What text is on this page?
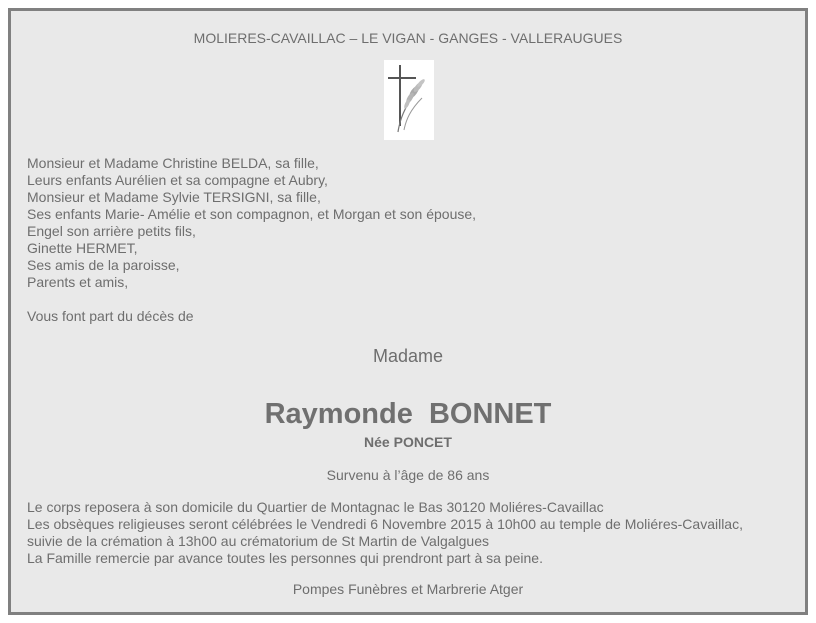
MOLIERES-CAVAILLAC – LE VIGAN - GANGES - VALLERAUGUES
Monsieur et Madame Christine BELDA, sa fille,
Leurs enfants Aurélien et sa compagne et Aubry,
Monsieur et Madame Sylvie TERSIGNI, sa fille,
Ses enfants Marie- Amélie et son compagnon, et Morgan et son épouse,
Engel son arrière petits fils,
Ginette HERMET,
Ses amis de la paroisse,
Parents et amis,
Vous font part du décès de
Madame
Raymonde  BONNET
Née PONCET
Survenu à l’âge de 86 ans
Le corps reposera à son domicile du Quartier de Montagnac le Bas 30120 Moliéres-Cavaillac
Les obsèques religieuses seront célébrées le Vendredi 6 Novembre 2015 à 10h00 au temple de Moliéres-Cavaillac,
suivie de la crémation à 13h00 au crématorium de St Martin de Valgalgues
La Famille remercie par avance toutes les personnes qui prendront part à sa peine.
Pompes Funèbres et Marbrerie Atger
